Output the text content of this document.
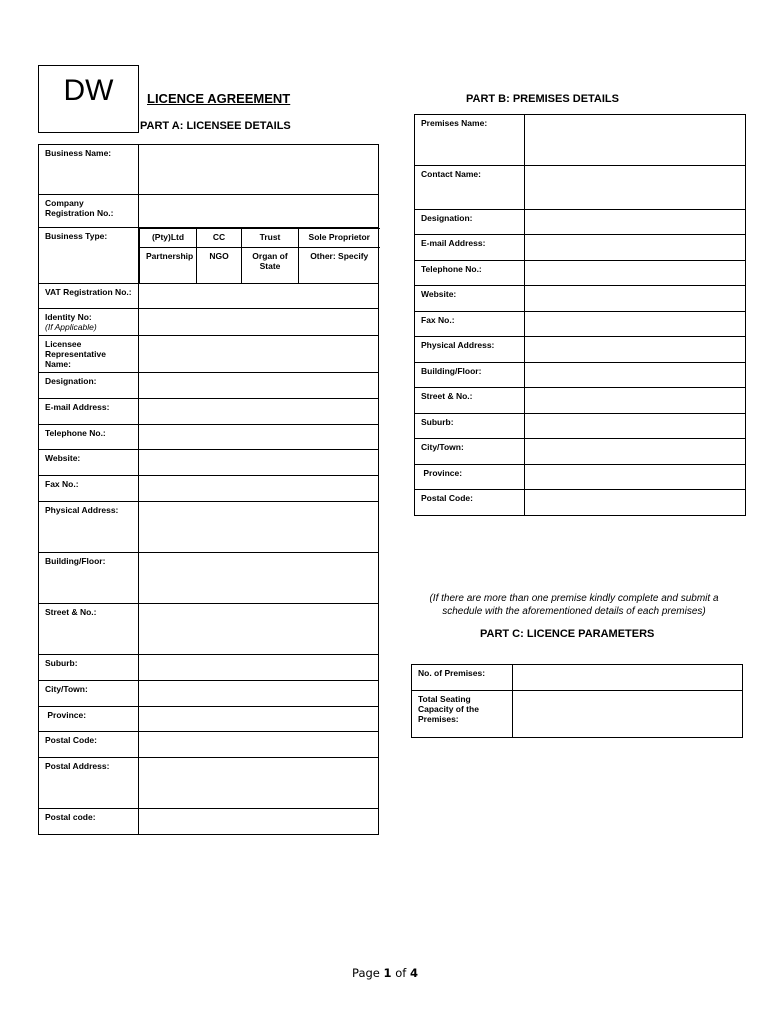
DW	LICENCE AGREEMENT
PART A: LICENSEE DETAILS
PART B: PREMISES DETAILS
Business Name:	
Company Registration No.:	
Business Type:		(Pty)Ltd	CC	Trust	Sole Proprietor
Partnership	NGO	Organ of State	Other: Specify

VAT Registration No.:	
Identity No:
(If Applicable)

Licensee Representative Name:	
Designation:	
E-mail Address:	
Telephone No.:	
Website:	
Fax No.:	
Physical Address:	
Building/Floor:	
Street & No.:	
Suburb:	
City/Town:	
Province:	
Postal Code:	
Postal Address:	
Postal code:	
Premises Name:	
Contact Name:	
Designation:	
E-mail Address:	
Telephone No.:	
Website:	
Fax No.:	
Physical Address:	
Building/Floor:	
Street & No.:	
Suburb:	
City/Town:	
Province:	
Postal Code:	
(If there are more than one premise kindly complete and submit a schedule with the aforementioned details of each premises)
PART C: LICENCE PARAMETERS
No. of Premises:	
Total Seating Capacity of the Premises:	
Page 1 of 4
